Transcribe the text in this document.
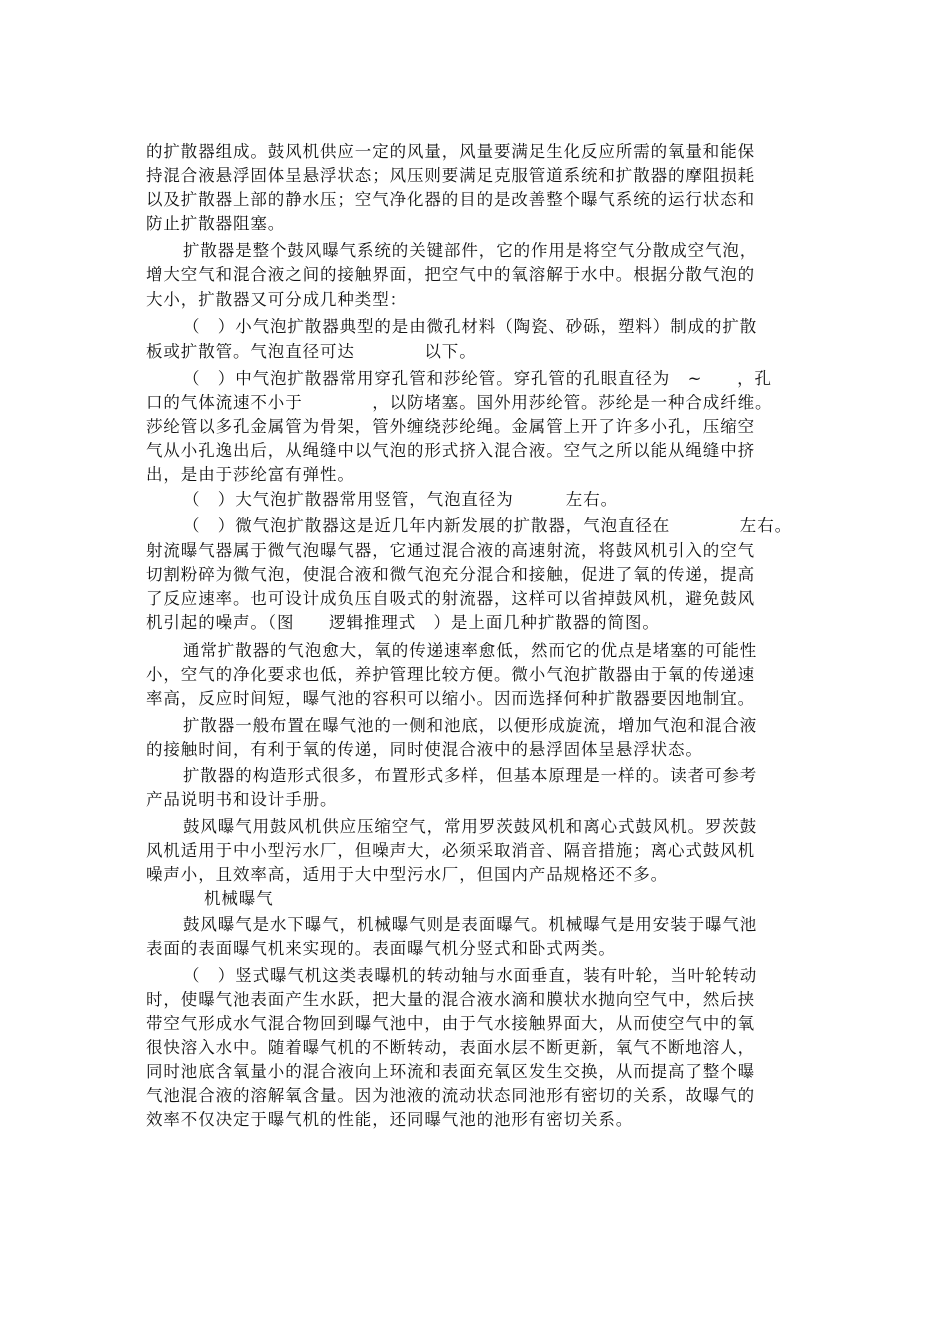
的扩散器组成。鼓风机供应一定的风量，风量要满足生化反应所需的氧量和能保
持混合液悬浮固体呈悬浮状态；风压则要满足克服管道系统和扩散器的摩阻损耗
以及扩散器上部的静水压；空气净化器的目的是改善整个曝气系统的运行状态和
防止扩散器阻塞。
扩散器是整个鼓风曝气系统的关键部件，它的作用是将空气分散成空气泡，
增大空气和混合液之间的接触界面，把空气中的氧溶解于水中。根据分散气泡的
大小，扩散器又可分成几种类型：
（　）小气泡扩散器典型的是由微孔材料（陶瓷、砂砾，塑料）制成的扩散
板或扩散管。气泡直径可达　　　　以下。
（　）中气泡扩散器常用穿孔管和莎纶管。穿孔管的孔眼直径为　~　　，孔
口的气体流速不小于　　　　，以防堵塞。国外用莎纶管。莎纶是一种合成纤维。
莎纶管以多孔金属管为骨架，管外缠绕莎纶绳。金属管上开了许多小孔，压缩空
气从小孔逸出后，从绳缝中以气泡的形式挤入混合液。空气之所以能从绳缝中挤
出，是由于莎纶富有弹性。
（　）大气泡扩散器常用竖管，气泡直径为　　　左右。
（　）微气泡扩散器这是近几年内新发展的扩散器，气泡直径在　　　　左右。
射流曝气器属于微气泡曝气器，它通过混合液的高速射流，将鼓风机引入的空气
切割粉碎为微气泡，使混合液和微气泡充分混合和接触，促进了氧的传递，提高
了反应速率。也可设计成负压自吸式的射流器，这样可以省掉鼓风机，避免鼓风
机引起的噪声。（图　　逻辑推理式　）是上面几种扩散器的简图。
通常扩散器的气泡愈大，氧的传递速率愈低，然而它的优点是堵塞的可能性
小，空气的净化要求也低，养护管理比较方便。微小气泡扩散器由于氧的传递速
率高，反应时间短，曝气池的容积可以缩小。因而选择何种扩散器要因地制宜。
扩散器一般布置在曝气池的一侧和池底，以便形成旋流，增加气泡和混合液
的接触时间，有利于氧的传递，同时使混合液中的悬浮固体呈悬浮状态。
扩散器的构造形式很多，布置形式多样，但基本原理是一样的。读者可参考
产品说明书和设计手册。
鼓风曝气用鼓风机供应压缩空气，常用罗茨鼓风机和离心式鼓风机。罗茨鼓
风机适用于中小型污水厂，但噪声大，必须采取消音、隔音措施；离心式鼓风机
噪声小，且效率高，适用于大中型污水厂，但国内产品规格还不多。
机械曝气
鼓风曝气是水下曝气，机械曝气则是表面曝气。机械曝气是用安装于曝气池
表面的表面曝气机来实现的。表面曝气机分竖式和卧式两类。
（　）竖式曝气机这类表曝机的转动轴与水面垂直，装有叶轮，当叶轮转动
时，使曝气池表面产生水跃，把大量的混合液水滴和膜状水抛向空气中，然后挟
带空气形成水气混合物回到曝气池中，由于气水接触界面大，从而使空气中的氧
很快溶入水中。随着曝气机的不断转动，表面水层不断更新，氧气不断地溶人，
同时池底含氧量小的混合液向上环流和表面充氧区发生交换，从而提高了整个曝
气池混合液的溶解氧含量。因为池液的流动状态同池形有密切的关系，故曝气的
效率不仅决定于曝气机的性能，还同曝气池的池形有密切关系。
